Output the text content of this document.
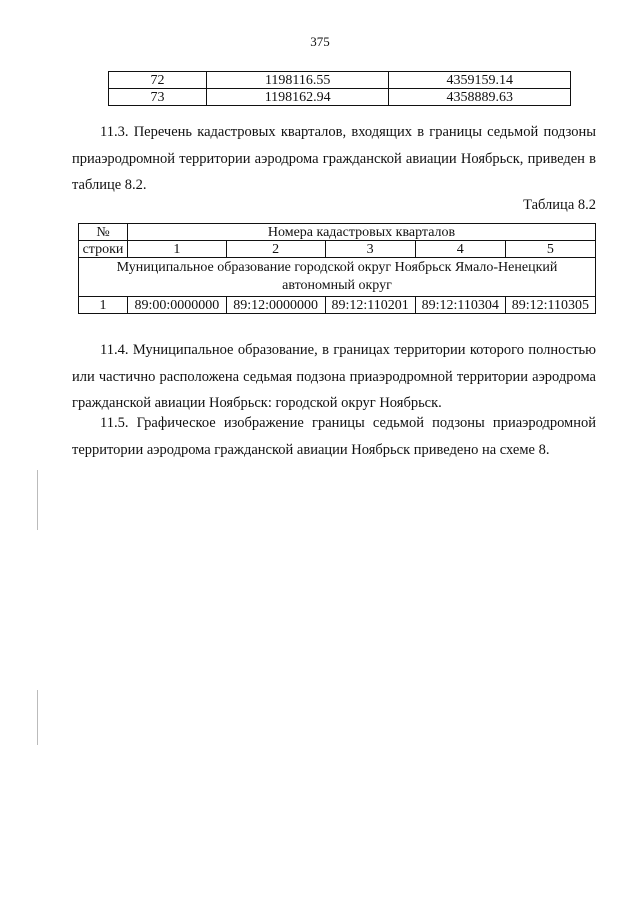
375
72	1198116.55	4359159.14
73	1198162.94	4358889.63

11.3. Перечень кадастровых кварталов, входящих в границы седьмой подзоны приаэродромной территории аэродрома гражданской авиации Ноябрьск, приведен в таблице 8.2.

Таблица 8.2
№	Номера кадастровых кварталов				
строки	1	2	3	4	5
Муниципальное образование городской округ Ноябрьск Ямало-Ненецкий автономный округ					
1	89:00:0000000	89:12:0000000	89:12:110201	89:12:110304	89:12:110305

11.4. Муниципальное образование, в границах территории которого полностью или частично расположена седьмая подзона приаэродромной территории аэродрома гражданской авиации Ноябрьск: городской округ Ноябрьск.

11.5. Графическое изображение границы седьмой подзоны приаэродромной территории аэродрома гражданской авиации Ноябрьск приведено на схеме 8.
